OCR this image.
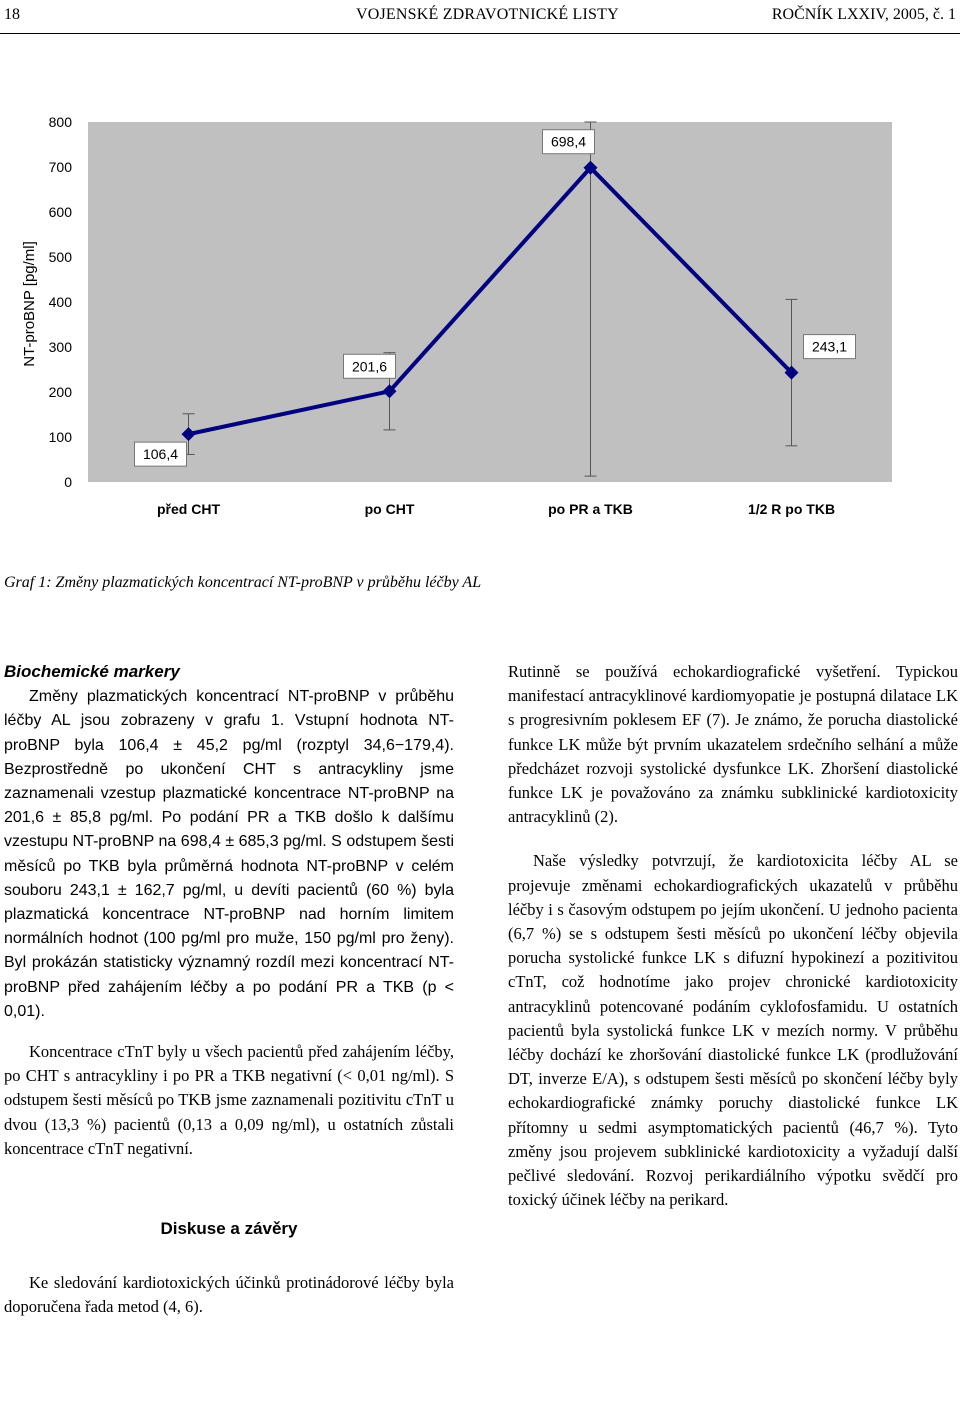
18	VOJENSKÉ ZDRAVOTNICKÉ LISTY	ROČNÍK LXXIV, 2005, č. 1
NT-proBNP [pg/ml]
0
100
200
300
400
500
600
700
800
před CHT	po CHT	po PR a TKB	1/2 R po TKB
106,4
201,6
698,4
243,1
Graf 1: Změny plazmatických koncentrací NT-proBNP v průběhu léčby AL
Biochemické markery

Změny plazmatických koncentrací NT-proBNP v průběhu léčby AL jsou zobrazeny v grafu 1. Vstupní hodnota NT-proBNP byla 106,4 ± 45,2 pg/ml (rozptyl 34,6−179,4). Bezprostředně po ukončení CHT s antracykliny jsme zaznamenali vzestup plazmatické koncentrace NT-proBNP na 201,6 ± 85,8 pg/ml. Po podání PR a TKB došlo k dalšímu vzestupu NT-proBNP na 698,4 ± 685,3 pg/ml. S odstupem šesti měsíců po TKB byla průměrná hodnota NT-proBNP v celém souboru 243,1 ± 162,7 pg/ml, u devíti pacientů (60 %) byla plazmatická koncentrace NT-proBNP nad horním limitem normálních hodnot (100 pg/ml pro muže, 150 pg/ml pro ženy). Byl prokázán statisticky významný rozdíl mezi koncentrací NT-proBNP před zahájením léčby a po podání PR a TKB (p < 0,01).

Koncentrace cTnT byly u všech pacientů před zahájením léčby, po CHT s antracykliny i po PR a TKB negativní (< 0,01 ng/ml). S odstupem šesti měsíců po TKB jsme zaznamenali pozitivitu cTnT u dvou (13,3 %) pacientů (0,13 a 0,09 ng/ml), u ostatních zůstali koncentrace cTnT negativní.

Diskuse a závěry

Ke sledování kardiotoxických účinků protinádorové léčby byla doporučena řada metod (4, 6).

Rutinně se používá echokardiografické vyšetření. Typickou manifestací antracyklinové kardiomyopatie je postupná dilatace LK s progresivním poklesem EF (7). Je známo, že porucha diastolické funkce LK může být prvním ukazatelem srdečního selhání a může předcházet rozvoji systolické dysfunkce LK. Zhoršení diastolické funkce LK je považováno za známku subklinické kardiotoxicity antracyklinů (2).

Naše výsledky potvrzují, že kardiotoxicita léčby AL se projevuje změnami echokardiografických ukazatelů v průběhu léčby i s časovým odstupem po jejím ukončení. U jednoho pacienta (6,7 %) se s odstupem šesti měsíců po ukončení léčby objevila porucha systolické funkce LK s difuzní hypokinezí a pozitivitou cTnT, což hodnotíme jako projev chronické kardiotoxicity antracyklinů potencované podáním cyklofosfamidu. U ostatních pacientů byla systolická funkce LK v mezích normy. V průběhu léčby dochází ke zhoršování diastolické funkce LK (prodlužování DT, inverze E/A), s odstupem šesti měsíců po skončení léčby byly echokardiografické známky poruchy diastolické funkce LK přítomny u sedmi asymptomatických pacientů (46,7 %). Tyto změny jsou projevem subklinické kardiotoxicity a vyžadují další pečlivé sledování. Rozvoj perikardiálního výpotku svědčí pro toxický účinek léčby na perikard.
